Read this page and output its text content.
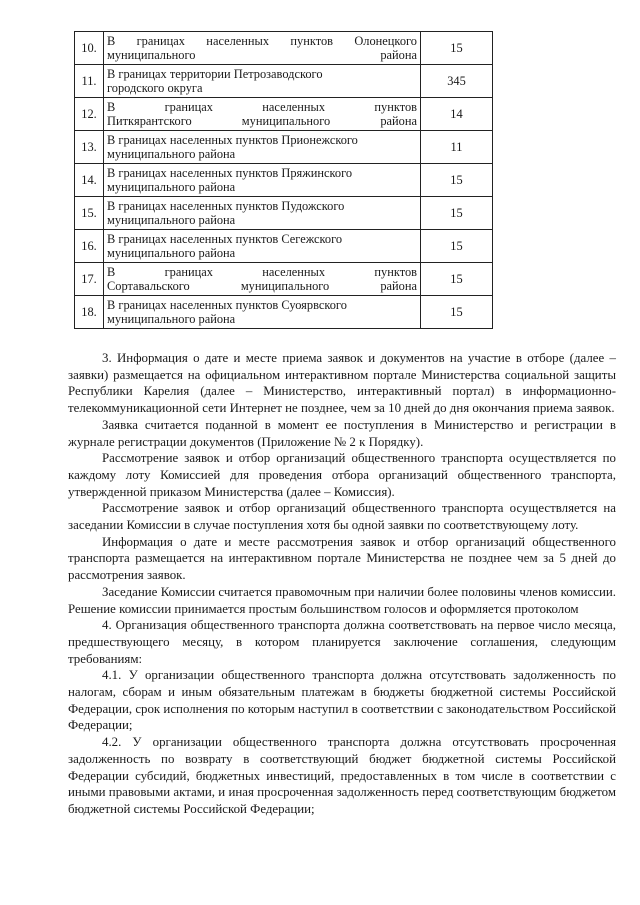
10.	В границах населенных пунктов Олонецкого
муниципального района	15
11.	В границах территории Петрозаводского
городского округа	345
12.	В границах населенных пунктов
Питкярантского муниципального района	14
13.	В границах населенных пунктов Прионежского
муниципального района	11
14.	В границах населенных пунктов Пряжинского
муниципального района	15
15.	В границах населенных пунктов Пудожского
муниципального района	15
16.	В границах населенных пунктов Сегежского
муниципального района	15
17.	В границах населенных пунктов
Сортавальского муниципального района	15
18.	В границах населенных пунктов Суоярвского
муниципального района	15

3. Информация о дате и месте приема заявок и документов на участие в отборе (далее – заявки) размещается на официальном интерактивном портале Министерства социальной защиты Республики Карелия (далее – Министерство, интерактивный портал) в информационно-телекоммуникационной сети Интернет не позднее, чем за 10 дней до дня окончания приема заявок.

Заявка считается поданной в момент ее поступления в Министерство и регистрации в журнале регистрации документов (Приложение № 2 к Порядку).

Рассмотрение заявок и отбор организаций общественного транспорта осуществляется по каждому лоту Комиссией для проведения отбора организаций общественного транспорта, утвержденной приказом Министерства (далее – Комиссия).

Рассмотрение заявок и отбор организаций общественного транспорта осуществляется на заседании Комиссии в случае поступления хотя бы одной заявки по соответствующему лоту.

Информация о дате и месте рассмотрения заявок и отбор организаций общественного транспорта размещается на интерактивном портале Министерства не позднее чем за 5 дней до рассмотрения заявок.

Заседание Комиссии считается правомочным при наличии более половины членов комиссии. Решение комиссии принимается простым большинством голосов и оформляется протоколом

4. Организация общественного транспорта должна соответствовать на первое число месяца, предшествующего месяцу, в котором планируется заключение соглашения, следующим требованиям:

4.1. У организации общественного транспорта должна отсутствовать задолженность по налогам, сборам и иным обязательным платежам в бюджеты бюджетной системы Российской Федерации, срок исполнения по которым наступил в соответствии с законодательством Российской Федерации;

4.2. У организации общественного транспорта должна отсутствовать просроченная задолженность по возврату в соответствующий бюджет бюджетной системы Российской Федерации субсидий, бюджетных инвестиций, предоставленных в том числе в соответствии с иными правовыми актами, и иная просроченная задолженность перед соответствующим бюджетом бюджетной системы Российской Федерации;
